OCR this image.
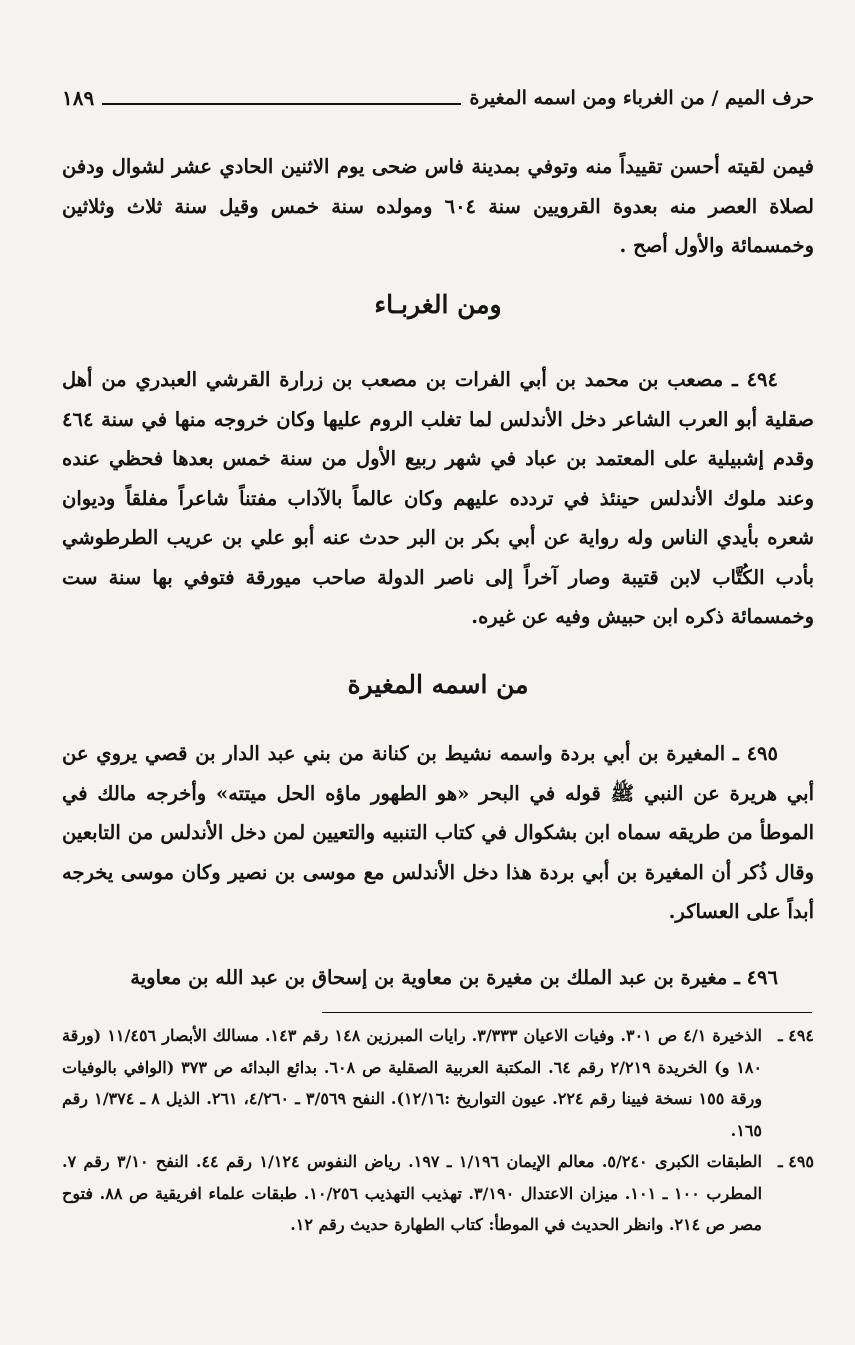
حرف الميم / من الغرباء ومن اسمه المغيرة
١٨٩

فيمن لقيته أحسن تقييداً منه وتوفي بمدينة فاس ضحى يوم الاثنين الحادي عشر لشوال ودفن لصلاة العصر منه بعدوة القرويين سنة ٦٠٤ ومولده سنة خمس وقيل سنة ثلاث وثلاثين وخمسمائة والأول أصح .

ومن الغربـاء

٤٩٤ ـ مصعب بن محمد بن أبي الفرات بن مصعب بن زرارة القرشي العبدري من أهل صقلية أبو العرب الشاعر دخل الأندلس لما تغلب الروم عليها وكان خروجه منها في سنة ٤٦٤ وقدم إشبيلية على المعتمد بن عباد في شهر ربيع الأول من سنة خمس بعدها فحظي عنده وعند ملوك الأندلس حينئذ في تردده عليهم وكان عالماً بالآداب مفتناً شاعراً مفلقاً وديوان شعره بأيدي الناس وله رواية عن أبي بكر بن البر حدث عنه أبو علي بن عريب الطرطوشي بأدب الكُتَّاب لابن قتيبة وصار آخراً إلى ناصر الدولة صاحب ميورقة فتوفي بها سنة ست وخمسمائة ذكره ابن حبيش وفيه عن غيره.

من اسمه المغيرة

٤٩٥ ـ المغيرة بن أبي بردة واسمه نشيط بن كنانة من بني عبد الدار بن قصي يروي عن أبي هريرة عن النبي ﷺ قوله في البحر «هو الطهور ماؤه الحل ميتته» وأخرجه مالك في الموطأ من طريقه سماه ابن بشكوال في كتاب التنبيه والتعيين لمن دخل الأندلس من التابعين وقال ذُكر أن المغيرة بن أبي بردة هذا دخل الأندلس مع موسى بن نصير وكان موسى يخرجه أبداً على العساكر.

٤٩٦ ـ مغيرة بن عبد الملك بن مغيرة بن معاوية بن إسحاق بن عبد الله بن معاوية

٤٩٤ ـ
الذخيرة ٤/١ ص ٣٠١. وفيات الاعيان ٣/٣٣٣. رايات المبرزين ١٤٨ رقم ١٤٣. مسالك الأبصار ١١/٤٥٦ (ورقة ١٨٠ و) الخريدة ٢/٢١٩ رقم ٦٤. المكتبة العربية الصقلية ص ٦٠٨. بدائع البدائه ص ٣٧٣ (الوافي بالوفيات ورقة ١٥٥ نسخة فيينا رقم ٢٢٤. عيون التواريخ :١٢/١٦). النفح ٣/٥٦٩ ـ ٤/٢٦٠، ٢٦١. الذيل ٨ ـ ١/٣٧٤ رقم ١٦٥.
٤٩٥ ـ
الطبقات الكبرى ٥/٢٤٠. معالم الإيمان ١/١٩٦ ـ ١٩٧. رياض النفوس ١/١٢٤ رقم ٤٤. النفح ٣/١٠ رقم ٧. المطرب ١٠٠ ـ ١٠١. ميزان الاعتدال ٣/١٩٠. تهذيب التهذيب ١٠/٢٥٦. طبقات علماء افريقية ص ٨٨. فتوح مصر ص ٢١٤. وانظر الحديث في الموطأ: كتاب الطهارة حديث رقم ١٢.
